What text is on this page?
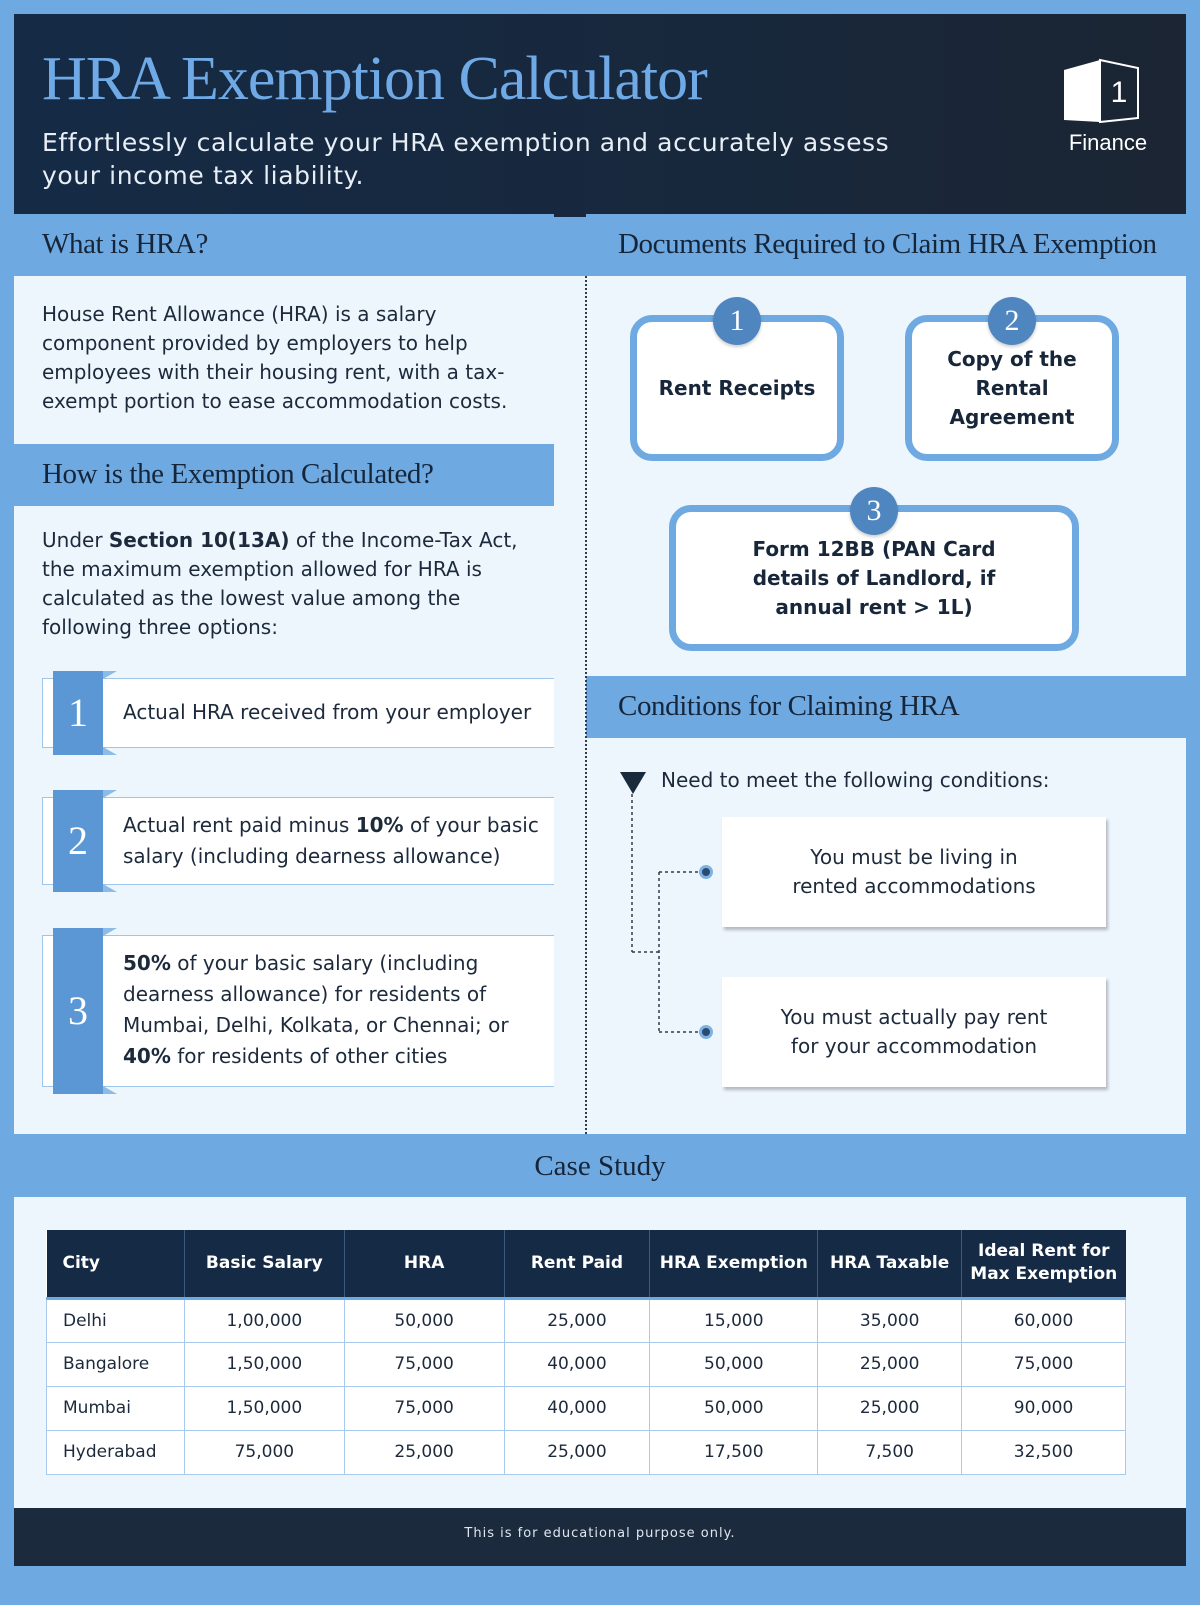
HRA Exemption Calculator

Effortlessly calculate your HRA exemption and accurately assess your income tax liability.

1
Finance
What is HRA?

House Rent Allowance (HRA) is a salary component provided by employers to help employees with their housing rent, with a tax-exempt portion to ease accommodation costs.

How is the Exemption Calculated?

Under Section 10(13A) of the Income-Tax Act, the maximum exemption allowed for HRA is calculated as the lowest value among the following three options:

1	Actual HRA received from your employer
2	Actual rent paid minus 10% of your basic salary (including dearness allowance)
3
50% of your basic salary (including dearness allowance) for residents of Mumbai, Delhi, Kolkata, or Chennai; or 40% for residents of other cities
Documents Required to Claim HRA Exemption
Rent Receipts
1
Copy of the Rental Agreement
2
Form 12BB (PAN Card details of Landlord, if annual rent > 1L)
3
Conditions for Claiming HRA

Need to meet the following conditions:

You must be living in rented accommodations
You must actually pay rent for your accommodation
Case Study
City	Basic Salary	HRA	Rent Paid	HRA Exemption	HRA Taxable	Ideal Rent for Max Exemption
Delhi	1,00,000	50,000	25,000	15,000	35,000	60,000
Bangalore	1,50,000	75,000	40,000	50,000	25,000	75,000
Mumbai	1,50,000	75,000	40,000	50,000	25,000	90,000
Hyderabad	75,000	25,000	25,000	17,500	7,500	32,500

This is for educational purpose only.
